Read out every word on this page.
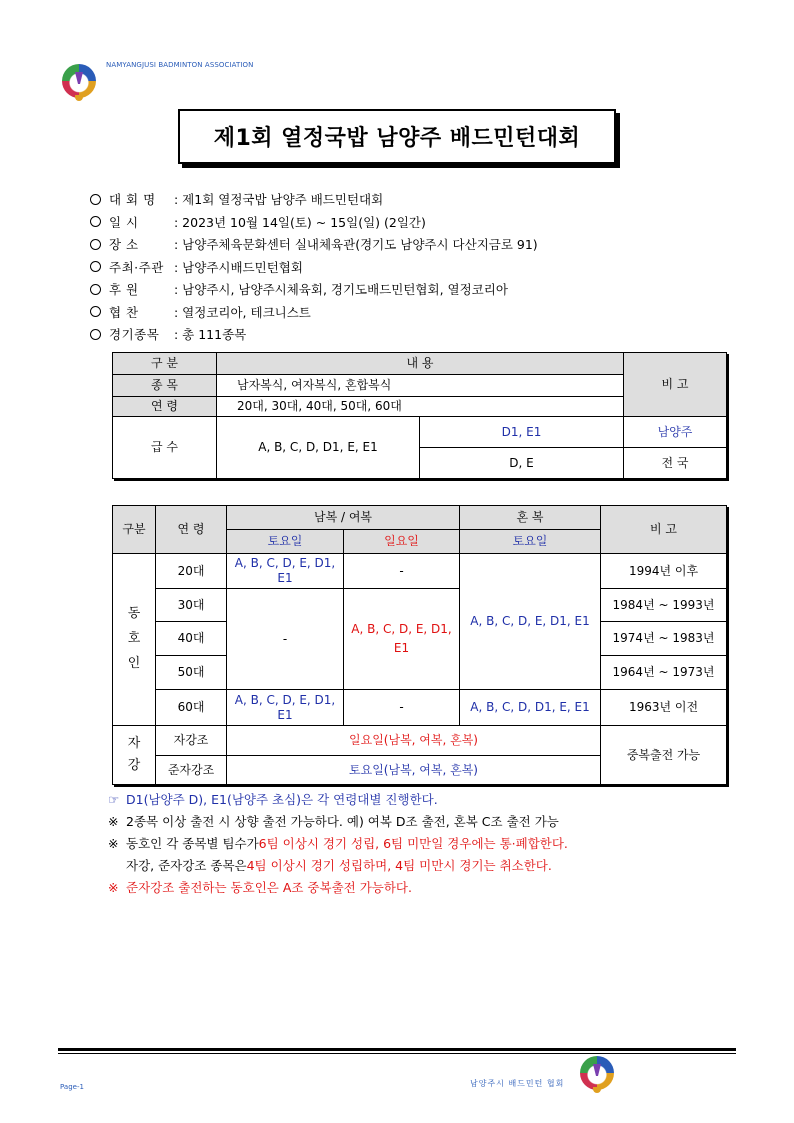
NAMYANGJUSI BADMINTON ASSOCIATION
제1회 열정국밥 남양주 배드민턴대회
대 회 명	: 제1회 열정국밥 남양주 배드민턴대회
일 시	: 2023년 10월 14일(토) ~ 15일(일) (2일간)
장 소	: 남양주체육문화센터 실내체육관(경기도 남양주시 다산지금로 91)
주최·주관 : 남양주시배드민턴협회
후 원	: 남양주시, 남양주시체육회, 경기도배드민턴협회, 열정코리아
협 찬	: 열정코리아, 테크니스트
경기종목	: 총 111종목
구 분	내 용		비 고
종 목	남자복식, 여자복식, 혼합복식		
연 령	20대, 30대, 40대, 50대, 60대		
급 수	A, B, C, D, D1, E, E1	D1, E1	남양주
		D, E	전 국
구분	연 령	남복 / 여복		혼 복	비 고
		토요일	일요일	토요일	
동호인	20대	A, B, C, D, E, D1, E1	-	A, B, C, D, E, D1, E1	1994년 이후
	30대	-	A, B, C, D, E, D1, E1		1984년 ~ 1993년
	40대				1974년 ~ 1983년
	50대				1964년 ~ 1973년
	60대	A, B, C, D, E, D1, E1	-	A, B, C, D, D1, E, E1	1963년 이전
자강	자강조	일요일(남복, 여복, 혼복)			중복출전 가능
	준자강조	토요일(남복, 여복, 혼복)			
☞ D1(남양주 D), E1(남양주 초심)은 각 연령대별 진행한다.
※ 2종목 이상 출전 시 상향 출전 가능하다. 예) 여복 D조 출전, 혼복 C조 출전 가능
※ 동호인 각 종목별 팀수가 6팀 이상시 경기 성립, 6팀 미만일 경우에는 통·폐합한다.
자강, 준자강조 종목은 4팀 이상시 경기 성립하며, 4팀 미만시 경기는 취소한다.
※ 준자강조 출전하는 동호인은 A조 중복출전 가능하다.
Page-1	남양주시 배드민턴 협회
